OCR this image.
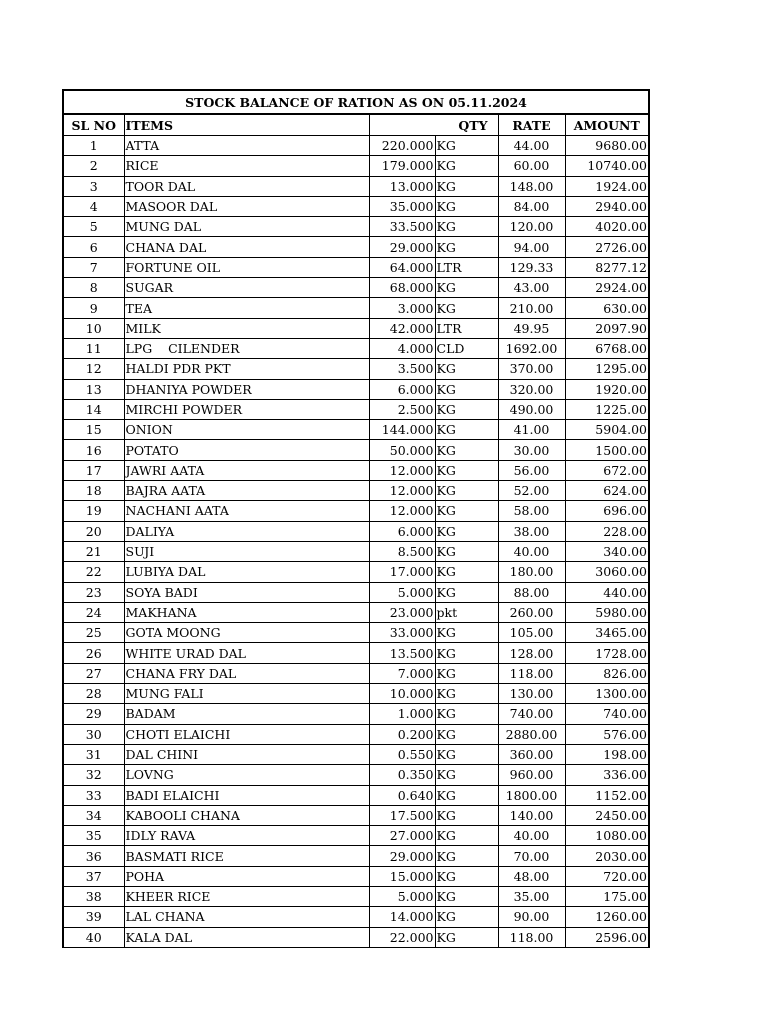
STOCK BALANCE OF RATION AS ON 05.11.2024					
SL NO	ITEMS	QTY		RATE	AMOUNT
1	ATTA	220.000	KG	44.00	9680.00
2	RICE	179.000	KG	60.00	10740.00
3	TOOR DAL	13.000	KG	148.00	1924.00
4	MASOOR DAL	35.000	KG	84.00	2940.00
5	MUNG DAL	33.500	KG	120.00	4020.00
6	CHANA DAL	29.000	KG	94.00	2726.00
7	FORTUNE OIL	64.000	LTR	129.33	8277.12
8	SUGAR	68.000	KG	43.00	2924.00
9	TEA	3.000	KG	210.00	630.00
10	MILK	42.000	LTR	49.95	2097.90
11	LPG    CILENDER	4.000	CLD	1692.00	6768.00
12	HALDI PDR PKT	3.500	KG	370.00	1295.00
13	DHANIYA POWDER	6.000	KG	320.00	1920.00
14	MIRCHI POWDER	2.500	KG	490.00	1225.00
15	ONION	144.000	KG	41.00	5904.00
16	POTATO	50.000	KG	30.00	1500.00
17	JAWRI AATA	12.000	KG	56.00	672.00
18	BAJRA AATA	12.000	KG	52.00	624.00
19	NACHANI AATA	12.000	KG	58.00	696.00
20	DALIYA	6.000	KG	38.00	228.00
21	SUJI	8.500	KG	40.00	340.00
22	LUBIYA DAL	17.000	KG	180.00	3060.00
23	SOYA BADI	5.000	KG	88.00	440.00
24	MAKHANA	23.000	pkt	260.00	5980.00
25	GOTA MOONG	33.000	KG	105.00	3465.00
26	WHITE URAD DAL	13.500	KG	128.00	1728.00
27	CHANA FRY DAL	7.000	KG	118.00	826.00
28	MUNG FALI	10.000	KG	130.00	1300.00
29	BADAM	1.000	KG	740.00	740.00
30	CHOTI ELAICHI	0.200	KG	2880.00	576.00
31	DAL CHINI	0.550	KG	360.00	198.00
32	LOVNG	0.350	KG	960.00	336.00
33	BADI ELAICHI	0.640	KG	1800.00	1152.00
34	KABOOLI CHANA	17.500	KG	140.00	2450.00
35	IDLY RAVA	27.000	KG	40.00	1080.00
36	BASMATI RICE	29.000	KG	70.00	2030.00
37	POHA	15.000	KG	48.00	720.00
38	KHEER RICE	5.000	KG	35.00	175.00
39	LAL CHANA	14.000	KG	90.00	1260.00
40	KALA DAL	22.000	KG	118.00	2596.00
